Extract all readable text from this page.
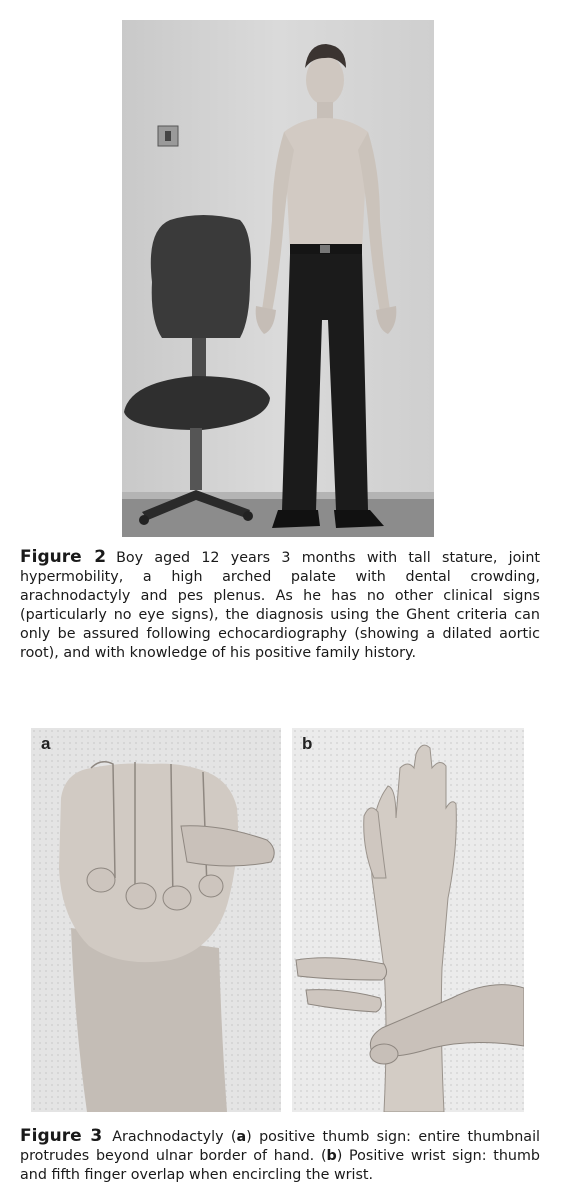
Figure 2 Boy aged 12 years 3 months with tall stature, joint hypermobility, a high arched palate with dental crowding, arachnodactyly and pes plenus. As he has no other clinical signs (particularly no eye signs), the diagnosis using the Ghent criteria can only be assured following echocardiography (showing a dilated aortic root), and with knowledge of his positive family history.
a	b
Figure 3 Arachnodactyly (a) positive thumb sign: entire thumbnail protrudes beyond ulnar border of hand. (b) Positive wrist sign: thumb and fifth finger overlap when encircling the wrist.
